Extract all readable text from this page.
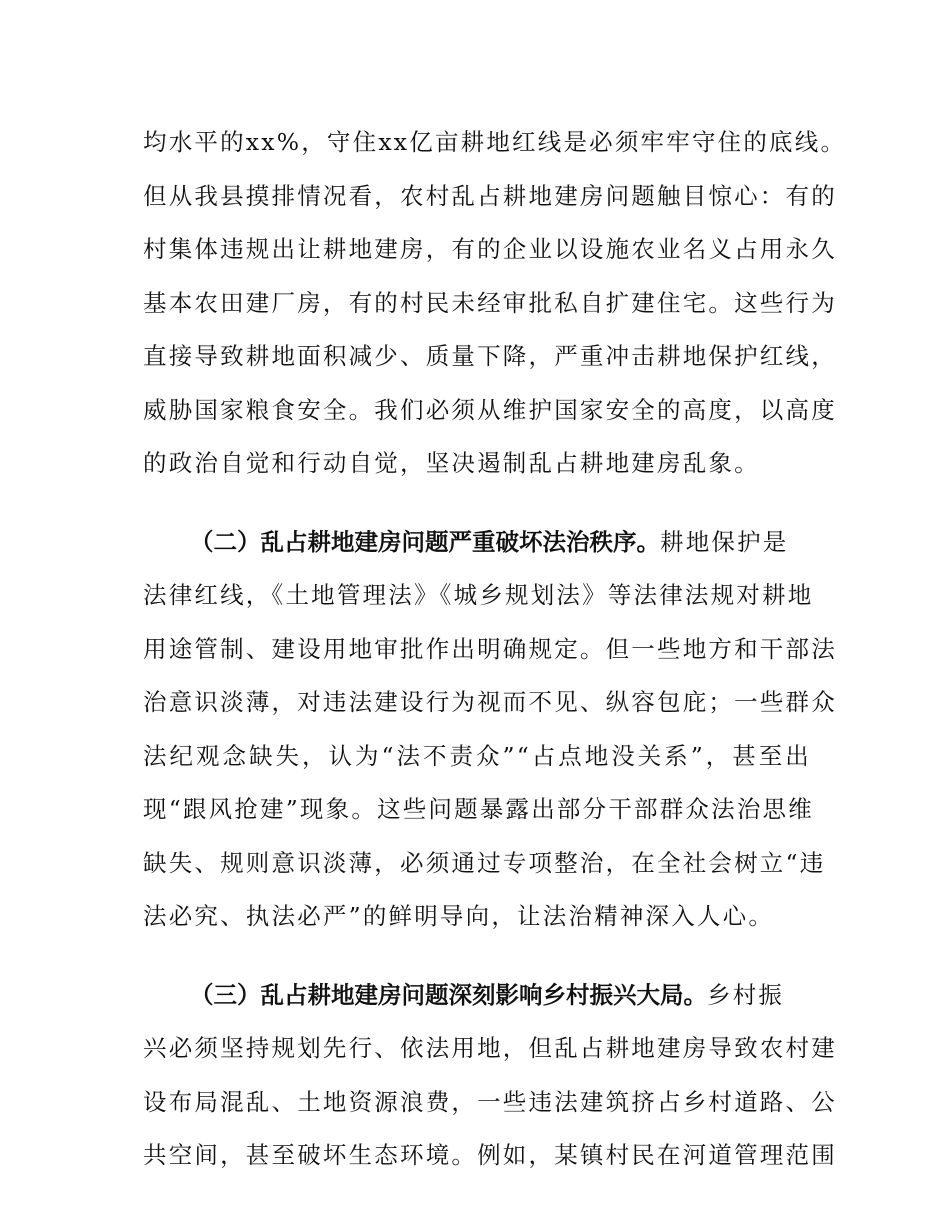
均水平的xx%，守住xx亿亩耕地红线是必须牢牢守住的底线。
但从我县摸排情况看，农村乱占耕地建房问题触目惊心：有的
村集体违规出让耕地建房，有的企业以设施农业名义占用永久
基本农田建厂房，有的村民未经审批私自扩建住宅。这些行为
直接导致耕地面积减少、质量下降，严重冲击耕地保护红线，
威胁国家粮食安全。我们必须从维护国家安全的高度，以高度
的政治自觉和行动自觉，坚决遏制乱占耕地建房乱象。
（二）乱占耕地建房问题严重破坏法治秩序。耕地保护是
法律红线，《土地管理法》《城乡规划法》等法律法规对耕地
用途管制、建设用地审批作出明确规定。但一些地方和干部法
治意识淡薄，对违法建设行为视而不见、纵容包庇；一些群众
法纪观念缺失，认为“法不责众”“占点地没关系”，甚至出
现“跟风抢建”现象。这些问题暴露出部分干部群众法治思维
缺失、规则意识淡薄，必须通过专项整治，在全社会树立“违
法必究、执法必严”的鲜明导向，让法治精神深入人心。
（三）乱占耕地建房问题深刻影响乡村振兴大局。乡村振
兴必须坚持规划先行、依法用地，但乱占耕地建房导致农村建
设布局混乱、土地资源浪费，一些违法建筑挤占乡村道路、公
共空间，甚至破坏生态环境。例如，某镇村民在河道管理范围
